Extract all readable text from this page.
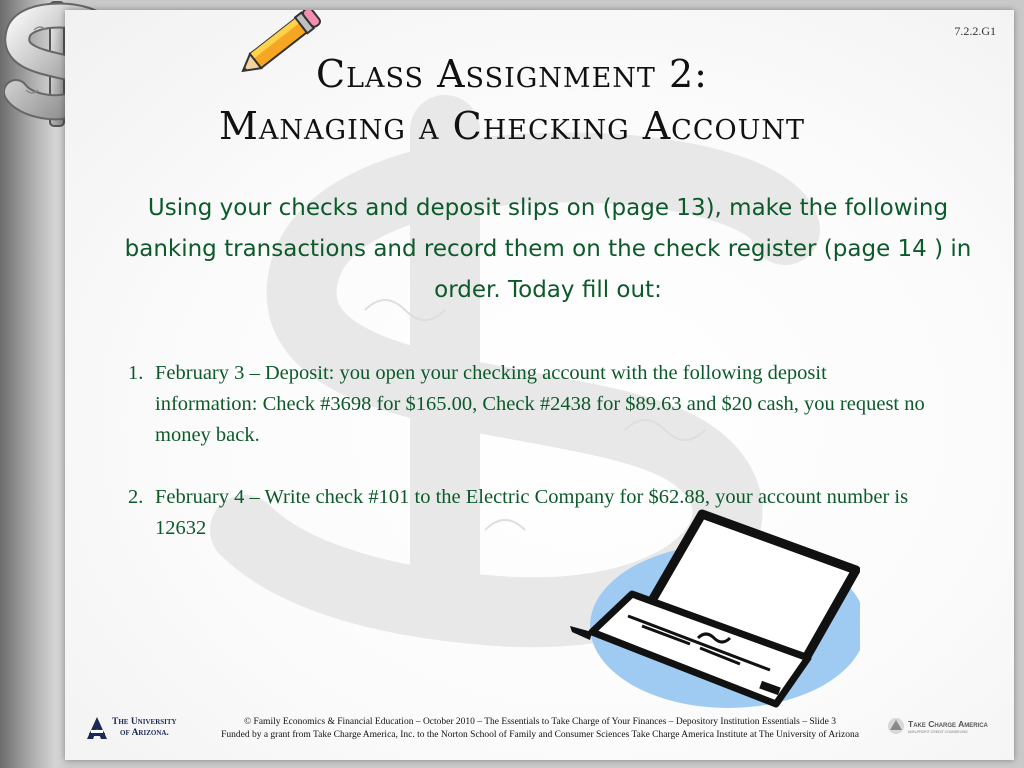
7.2.2.G1
© Family Economics & Financial Education – October 2010 – The Essentials to Take Charge of Your Finances – Depository Institution Essentials – Slide 3
Funded by a grant from Take Charge America, Inc. to the Norton School of Family and Consumer Sciences Take Charge America Institute at The University of Arizona
The University
of Arizona.
Take Charge America
NON-PROFIT CREDIT COUNSELING
Class Assignment 2:
Managing a Checking Account
Using your checks and deposit slips on (page 13), make the following banking transactions and record them on the check register (page 14 ) in order. Today fill out:
1. February 3 – Deposit: you open your checking account with the following deposit information: Check #3698 for $165.00, Check #2438 for $89.63 and $20 cash, you request no money back.
2. February 4 – Write check #101 to the Electric Company for $62.88, your account number is 12632
